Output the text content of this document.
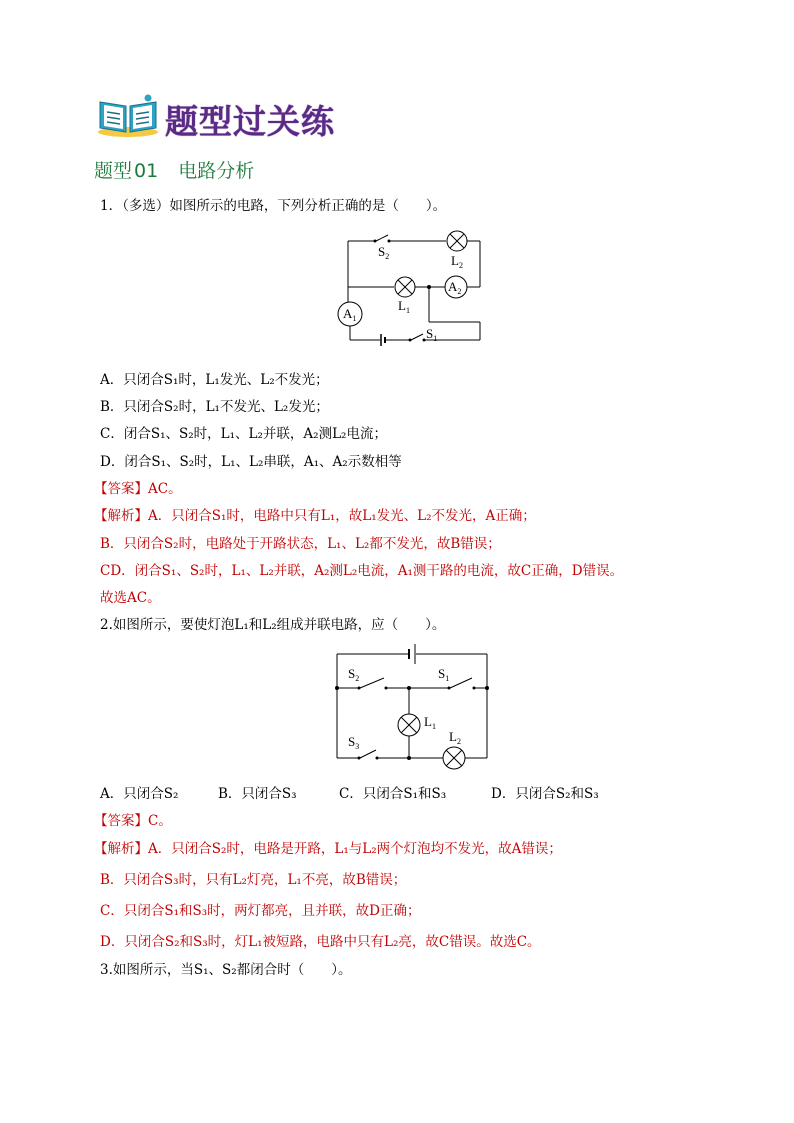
题型过关练
题型 01 电路分析
1．（多选）如图所示的电路，下列分析正确的是（　　）。
$S_2$	$L_2$
$L_1$
$A_1$
$A_2$
$S_1$
A．只闭合S₁时，L₁发光、L₂不发光；
B．只闭合S₂时，L₁不发光、L₂发光；
C．闭合S₁、S₂时，L₁、L₂并联，A₂测L₂电流；
D．闭合S₁、S₂时，L₁、L₂串联，A₁、A₂示数相等
【答案】AC。
【解析】A．只闭合S₁时，电路中只有L₁，故L₁发光、L₂不发光，A正确；
B．只闭合S₂时，电路处于开路状态，L₁、L₂都不发光，故B错误；
CD．闭合S₁、S₂时，L₁、L₂并联，A₂测L₂电流，A₁测干路的电流，故C正确，D错误。
故选AC。
2.如图所示，要使灯泡L₁和L₂组成并联电路，应（　　）。
$S_2$	$S_1$
$S_3$
$L_1$
$L_2$
A．只闭合S₂	B．只闭合S₃	C．只闭合S₁和S₃	D．只闭合S₂和S₃
【答案】C。
【解析】A．只闭合S₂时，电路是开路，L₁与L₂两个灯泡均不发光，故A错误；
B．只闭合S₃时，只有L₂灯亮，L₁不亮，故B错误；
C．只闭合S₁和S₃时，两灯都亮，且并联，故D正确；
D．只闭合S₂和S₃时，灯L₁被短路，电路中只有L₂亮，故C错误。故选C。
3.如图所示，当S₁、S₂都闭合时（　　）。
